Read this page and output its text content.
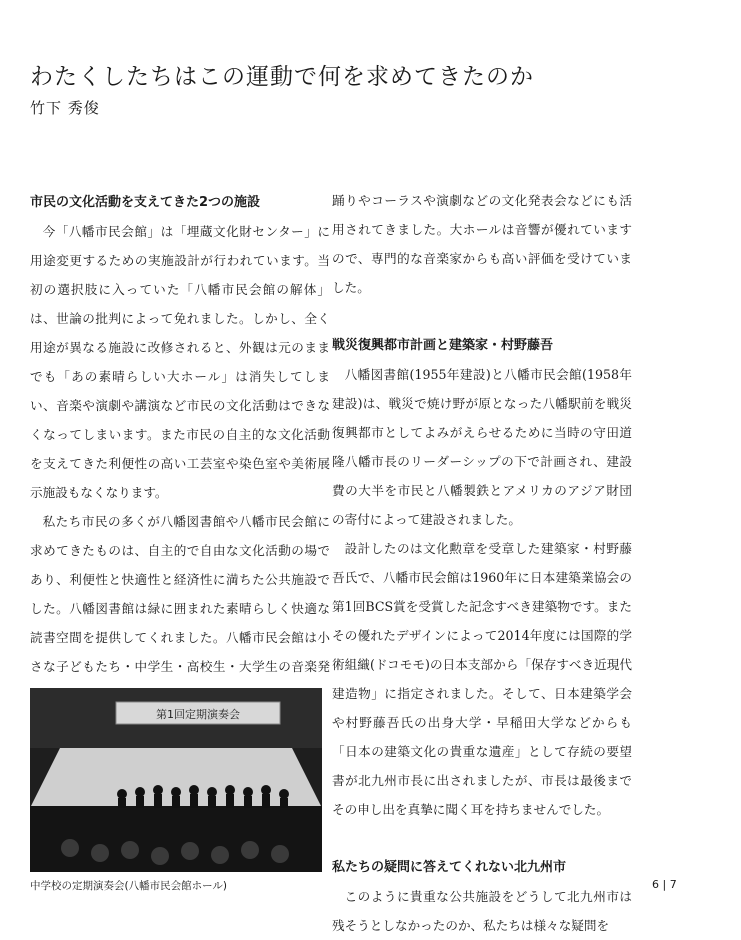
わたくしたちはこの運動で何を求めてきたのか
竹下 秀俊
市民の文化活動を支えてきた2つの施設

今「八幡市民会館」は「埋蔵文化財センター」に用途変更するための実施設計が行われています。当初の選択肢に入っていた「八幡市民会館の解体」は、世論の批判によって免れました。しかし、全く用途が異なる施設に改修されると、外観は元のままでも「あの素晴らしい大ホール」は消失してしまい、音楽や演劇や講演など市民の文化活動はできなくなってしまいます。また市民の自主的な文化活動を支えてきた利便性の高い工芸室や染色室や美術展示施設もなくなります。

私たち市民の多くが八幡図書館や八幡市民会館に求めてきたものは、自主的で自由な文化活動の場であり、利便性と快適性と経済性に満ちた公共施設でした。八幡図書館は緑に囲まれた素晴らしく快適な読書空間を提供してくれました。八幡市民会館は小さな子どもたち・中学生・高校生・大学生の音楽発

第1回定期演奏会
中学校の定期演奏会(八幡市民会館ホール)

踊りやコーラスや演劇などの文化発表会などにも活用されてきました。大ホールは音響が優れていますので、専門的な音楽家からも高い評価を受けていました。

戦災復興都市計画と建築家・村野藤吾

八幡図書館(1955年建設)と八幡市民会館(1958年建設)は、戦災で焼け野が原となった八幡駅前を戦災復興都市としてよみがえらせるために当時の守田道隆八幡市長のリーダーシップの下で計画され、建設費の大半を市民と八幡製鉄とアメリカのアジア財団の寄付によって建設されました。

設計したのは文化勲章を受章した建築家・村野藤吾氏で、八幡市民会館は1960年に日本建築業協会の第1回BCS賞を受賞した記念すべき建築物です。またその優れたデザインによって2014年度には国際的学術組織(ドコモモ)の日本支部から「保存すべき近現代建造物」に指定されました。そして、日本建築学会や村野藤吾氏の出身大学・早稲田大学などからも「日本の建築文化の貴重な遺産」として存続の要望書が北九州市長に出されましたが、市長は最後までその申し出を真摯に聞く耳を持ちませんでした。

私たちの疑問に答えてくれない北九州市

このように貴重な公共施設をどうして北九州市は残そうとしなかったのか、私たちは様々な疑問を

6 | 7
